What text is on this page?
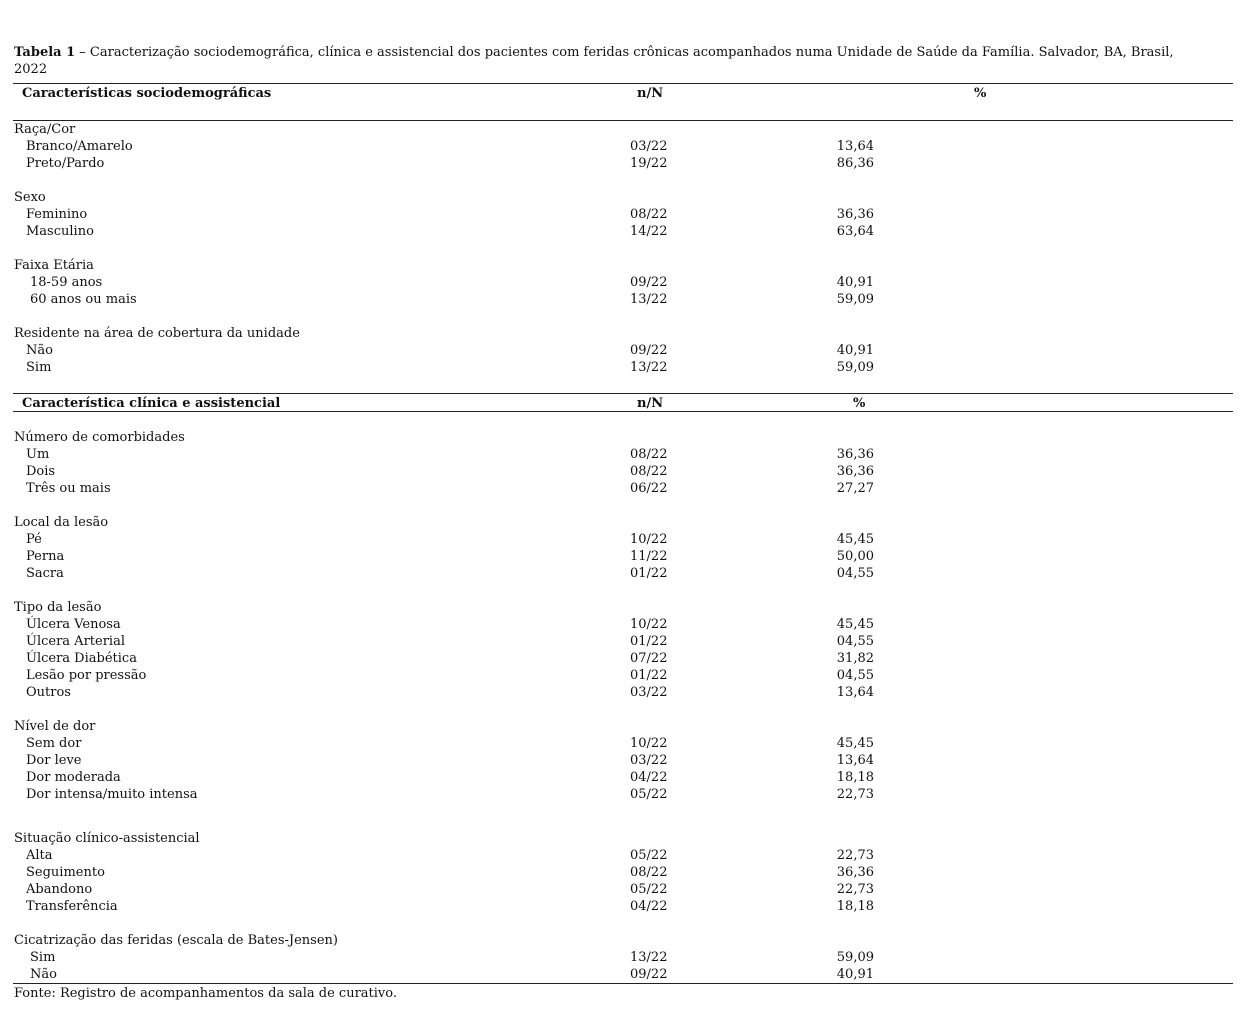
Tabela 1 – Caracterização sociodemográfica, clínica e assistencial dos pacientes com feridas crônicas acompanhados numa Unidade de Saúde da Família. Salvador, BA, Brasil, 2022
Características sociodemográficas	n/N	%
Raça/Cor
Branco/Amarelo	03/22	13,64
Preto/Pardo	19/22	86,36
Sexo
Feminino	08/22	36,36
Masculino	14/22	63,64
Faixa Etária
18-59 anos	09/22	40,91
60 anos ou mais	13/22	59,09
Residente na área de cobertura da unidade
Não	09/22	40,91
Sim	13/22	59,09
Característica clínica e assistencial	n/N	%
Número de comorbidades
Um	08/22	36,36
Dois	08/22	36,36
Três ou mais	06/22	27,27
Local da lesão
Pé	10/22	45,45
Perna	11/22	50,00
Sacra	01/22	04,55
Tipo da lesão
Úlcera Venosa	10/22	45,45
Úlcera Arterial	01/22	04,55
Úlcera Diabética	07/22	31,82
Lesão por pressão	01/22	04,55
Outros	03/22	13,64
Nível de dor
Sem dor	10/22	45,45
Dor leve	03/22	13,64
Dor moderada	04/22	18,18
Dor intensa/muito intensa	05/22	22,73
Situação clínico-assistencial
Alta	05/22	22,73
Seguimento	08/22	36,36
Abandono	05/22	22,73
Transferência	04/22	18,18
Cicatrização das feridas (escala de Bates-Jensen)
Sim	13/22	59,09
Não	09/22	40,91
Fonte: Registro de acompanhamentos da sala de curativo.
